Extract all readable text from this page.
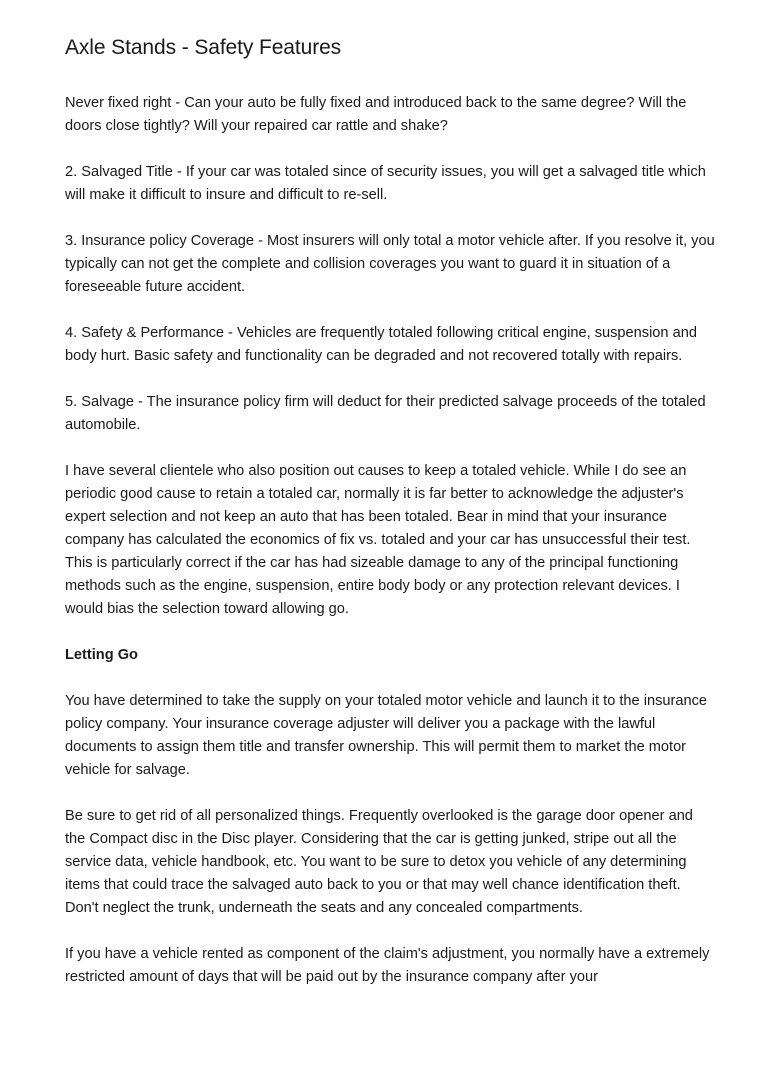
Axle Stands - Safety Features

Never fixed right - Can your auto be fully fixed and introduced back to the same degree? Will the doors close tightly? Will your repaired car rattle and shake?

2. Salvaged Title - If your car was totaled since of security issues, you will get a salvaged title which will make it difficult to insure and difficult to re-sell.

3. Insurance policy Coverage - Most insurers will only total a motor vehicle after. If you resolve it, you typically can not get the complete and collision coverages you want to guard it in situation of a foreseeable future accident.

4. Safety & Performance - Vehicles are frequently totaled following critical engine, suspension and body hurt. Basic safety and functionality can be degraded and not recovered totally with repairs.

5. Salvage - The insurance policy firm will deduct for their predicted salvage proceeds of the totaled automobile.

I have several clientele who also position out causes to keep a totaled vehicle. While I do see an periodic good cause to retain a totaled car, normally it is far better to acknowledge the adjuster's expert selection and not keep an auto that has been totaled. Bear in mind that your insurance company has calculated the economics of fix vs. totaled and your car has unsuccessful their test. This is particularly correct if the car has had sizeable damage to any of the principal functioning methods such as the engine, suspension, entire body body or any protection relevant devices. I would bias the selection toward allowing go.

Letting Go

You have determined to take the supply on your totaled motor vehicle and launch it to the insurance policy company. Your insurance coverage adjuster will deliver you a package with the lawful documents to assign them title and transfer ownership. This will permit them to market the motor vehicle for salvage.

Be sure to get rid of all personalized things. Frequently overlooked is the garage door opener and the Compact disc in the Disc player. Considering that the car is getting junked, stripe out all the service data, vehicle handbook, etc. You want to be sure to detox you vehicle of any determining items that could trace the salvaged auto back to you or that may well chance identification theft. Don't neglect the trunk, underneath the seats and any concealed compartments.

If you have a vehicle rented as component of the claim's adjustment, you normally have a extremely restricted amount of days that will be paid out by the insurance company after your
